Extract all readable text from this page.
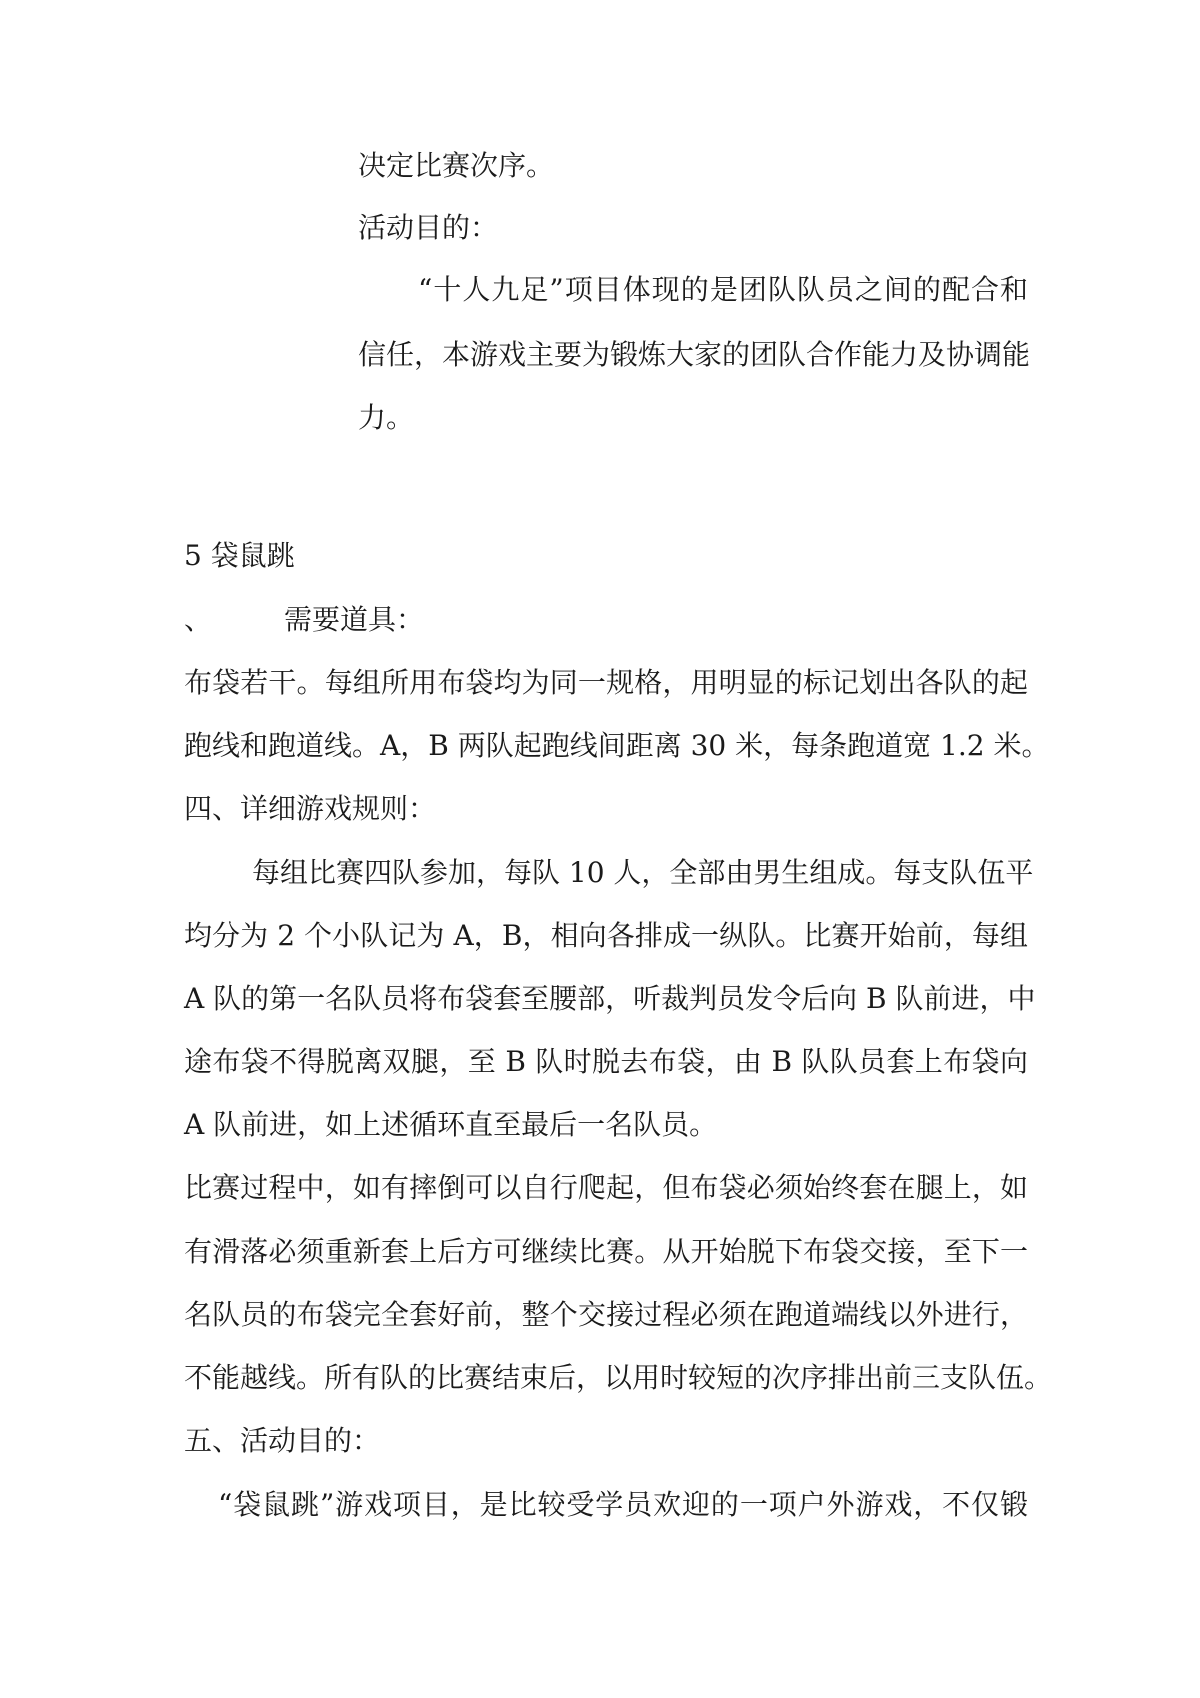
决定比赛次序。
活动目的：
“十人九足”项目体现的是团队队员之间的配合和
信任，本游戏主要为锻炼大家的团队合作能力及协调能
力。
5 袋鼠跳
、	需要道具：
布袋若干。每组所用布袋均为同一规格，用明显的标记划出各队的起
跑线和跑道线。A，B 两队起跑线间距离 30 米，每条跑道宽 1.2 米。
四、详细游戏规则：
每组比赛四队参加，每队 10 人，全部由男生组成。每支队伍平
均分为 2 个小队记为 A，B，相向各排成一纵队。比赛开始前，每组
A 队的第一名队员将布袋套至腰部，听裁判员发令后向 B 队前进，中
途布袋不得脱离双腿，至 B 队时脱去布袋，由 B 队队员套上布袋向
A 队前进，如上述循环直至最后一名队员。
比赛过程中，如有摔倒可以自行爬起，但布袋必须始终套在腿上，如
有滑落必须重新套上后方可继续比赛。从开始脱下布袋交接，至下一
名队员的布袋完全套好前，整个交接过程必须在跑道端线以外进行，
不能越线。所有队的比赛结束后，以用时较短的次序排出前三支队伍。
五、活动目的：
“袋鼠跳”游戏项目，是比较受学员欢迎的一项户外游戏，不仅锻
